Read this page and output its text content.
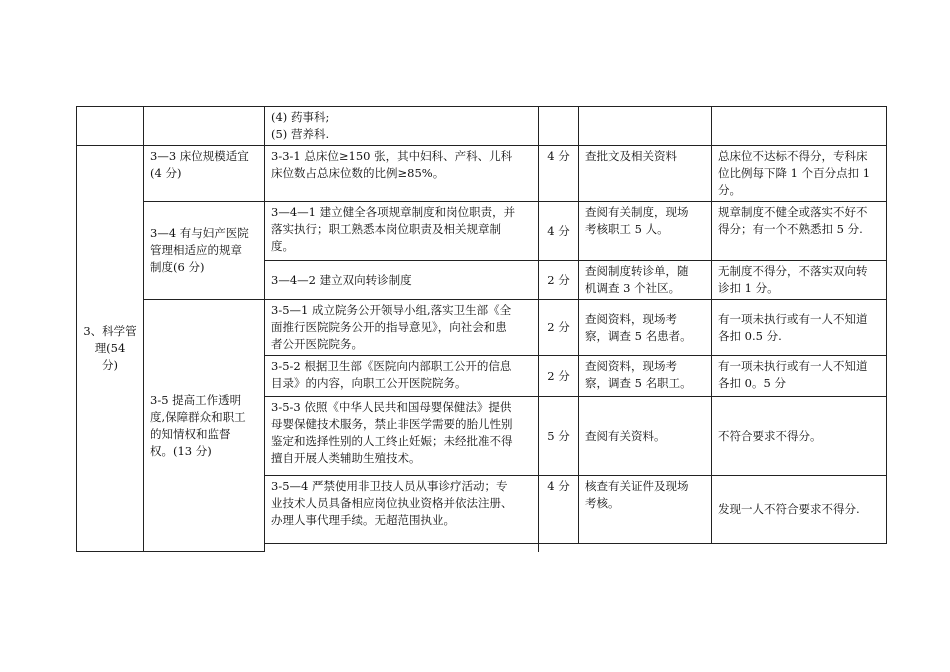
		(4) 药事科;
(5) 营养科.			

3、科学管
理(54
分)	3—3 床位规模适宜
(4 分)	3-3-1 总床位≥150 张，其中妇科、产科、儿科
床位数占总床位数的比例≥85%。	4 分	查批文及相关资料	总床位不达标不得分，专科床
位比例每下降 1 个百分点扣 1
分。

	3—4 有与妇产医院
管理相适应的规章
制度(6 分)	3—4—1 建立健全各项规章制度和岗位职责，并
落实执行；职工熟悉本岗位职责及相关规章制
度。	4 分	查阅有关制度，现场
考核职工 5 人。	规章制度不健全或落实不好不
得分；有一个不熟悉扣 5 分.

		3—4—2 建立双向转诊制度	2 分	查阅制度转诊单，随
机调查 3 个社区。	无制度不得分，不落实双向转
诊扣 1 分。

	3-5 提高工作透明
度,保障群众和职工
的知情权和监督
权。(13 分)	3-5—1 成立院务公开领导小组,落实卫生部《全
面推行医院院务公开的指导意见》，向社会和患
者公开医院院务。	2 分	查阅资料，现场考
察，调查 5 名患者。	有一项未执行或有一人不知道
各扣 0.5 分.

		3-5-2 根据卫生部《医院向内部职工公开的信息
目录》的内容，向职工公开医院院务。	2 分	查阅资料，现场考
察，调查 5 名职工。	有一项未执行或有一人不知道
各扣 0。5 分

		3-5-3 依照《中华人民共和国母婴保健法》提供
母婴保健技术服务，禁止非医学需要的胎儿性别
鉴定和选择性别的人工终止妊娠；未经批准不得
擅自开展人类辅助生殖技术。	5 分	查阅有关资料。	不符合要求不得分。

		3-5—4 严禁使用非卫技人员从事诊疗活动；专
业技术人员具备相应岗位执业资格并依法注册、
办理人事代理手续。无超范围执业。	4 分	核查有关证件及现场
考核。	发现一人不符合要求不得分.
